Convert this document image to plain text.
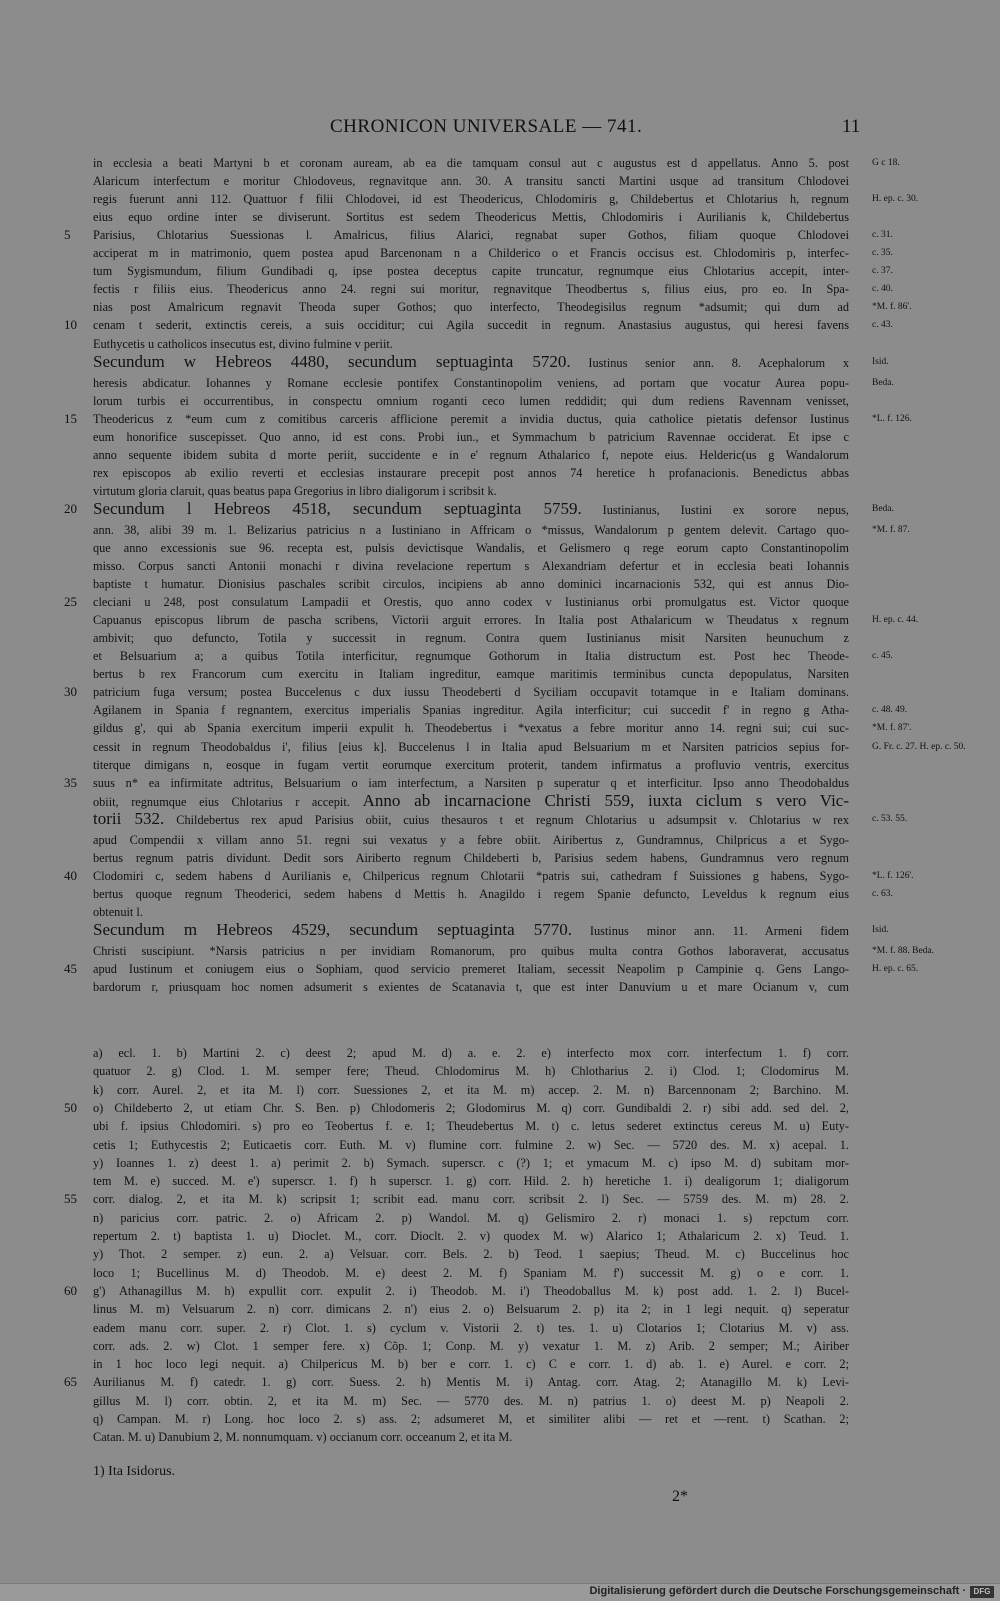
CHRONICON UNIVERSALE — 741.	11
in ecclesia a beati Martyni b et coronam auream, ab ea die tamquam consul aut c augustus est d appellatus. Anno 5. post G c 18.
Alaricum interfectum e moritur Chlodoveus, regnavitque ann. 30. A transitu sancti Martini usque ad transitum Chlodovei
regis fuerunt anni 112. Quattuor f filii Chlodovei, id est Theodericus, Chlodomiris g, Childebertus et Chlotarius h, regnum H. ep. c. 30.
eius equo ordine inter se diviserunt. Sortitus est sedem Theodericus Mettis, Chlodomiris i Aurilianis k, Childebertus
5	Parisius, Chlotarius Suessionas l. Amalricus, filius Alarici, regnabat super Gothos, filiam quoque Chlodovei c. 31.
acciperat m in matrimonio, quem postea apud Barcenonam n a Childerico o et Francis occisus est. Chlodomiris p, interfec- c. 35.
tum Sygismundum, filium Gundibadi q, ipse postea deceptus capite truncatur, regnumque eius Chlotarius accepit, inter- c. 37.
fectis r filiis eius. Theodericus anno 24. regni sui moritur, regnavitque Theodbertus s, filius eius, pro eo. In Spa- c. 40.
nias post Amalricum regnavit Theoda super Gothos; quo interfecto, Theodegisilus regnum *adsumit; qui dum ad *M. f. 86'.
10	cenam t sederit, extinctis cereis, a suis occiditur; cui Agila succedit in regnum. Anastasius augustus, qui heresi favens c. 43.
Euthycetis u catholicos insecutus est, divino fulmine v periit.
Secundum w Hebreos 4480, secundum septuaginta 5720. Iustinus senior ann. 8. Acephalorum x Isid.
heresis abdicatur. Iohannes y Romane ecclesie pontifex Constantinopolim veniens, ad portam que vocatur Aurea popu- Beda.
lorum turbis ei occurrentibus, in conspectu omnium roganti ceco lumen reddidit; qui dum rediens Ravennam venisset,
15	Theodericus z *eum cum z comitibus carceris afflicione peremit a invidia ductus, quia catholice pietatis defensor Iustinus *L. f. 126.
eum honorifice suscepisset. Quo anno, id est cons. Probi iun., et Symmachum b patricium Ravennae occiderat. Et ipse c
anno sequente ibidem subita d morte periit, succidente e in e' regnum Athalarico f, nepote eius. Helderic(us g Wandalorum
rex episcopos ab exilio reverti et ecclesias instaurare precepit post annos 74 heretice h profanacionis. Benedictus abbas
virtutum gloria claruit, quas beatus papa Gregorius in libro dialigorum i scribsit k.
20 Secundum l Hebreos 4518, secundum septuaginta 5759. Iustinianus, Iustini ex sorore nepus, Beda.
ann. 38, alibi 39 m. 1. Belizarius patricius n a Iustiniano in Affricam o *missus, Wandalorum p gentem delevit. Cartago quo- *M. f. 87.
que anno excessionis sue 96. recepta est, pulsis devictisque Wandalis, et Gelismero q rege eorum capto Constantinopolim
misso. Corpus sancti Antonii monachi r divina revelacione repertum s Alexandriam defertur et in ecclesia beati Iohannis
baptiste t humatur. Dionisius paschales scribit circulos, incipiens ab anno dominici incarnacionis 532, qui est annus Dio-
25	cleciani u 248, post consulatum Lampadii et Orestis, quo anno codex v Iustinianus orbi promulgatus est. Victor quoque
Capuanus episcopus librum de pascha scribens, Victorii arguit errores. In Italia post Athalaricum w Theudatus x regnum H. ep. c. 44.
ambivit; quo defuncto, Totila y successit in regnum. Contra quem Iustinianus misit Narsiten heunuchum z
et Belsuarium a; a quibus Totila interficitur, regnumque Gothorum in Italia distructum est. Post hec Theode- c. 45.
bertus b rex Francorum cum exercitu in Italiam ingreditur, eamque maritimis terminibus cuncta depopulatus, Narsiten
30	patricium fuga versum; postea Buccelenus c dux iussu Theodeberti d Syciliam occupavit totamque in e Italiam dominans.
Agilanem in Spania f regnantem, exercitus imperialis Spanias ingreditur. Agila interficitur; cui succedit f' in regno g Atha- c. 48. 49.
gildus g', qui ab Spania exercitum imperii expulit h. Theodebertus i *vexatus a febre moritur anno 14. regni sui; cui suc- *M. f. 87'.
cessit in regnum Theodobaldus i', filius [eius k]. Buccelenus l in Italia apud Belsuarium m et Narsiten patricios sepius for- G. Fr. c. 27. H. ep. c. 50.
titerque dimigans n, eosque in fugam vertit eorumque exercitum proterit, tandem infirmatus a profluvio ventris, exercitus
35	suus n* ea infirmitate adtritus, Belsuarium o iam interfectum, a Narsiten p superatur q et interficitur. Ipso anno Theodobaldus
obiit, regnumque eius Chlotarius r accepit. Anno ab incarnacione Christi 559, iuxta ciclum s vero Vic-
torii 532. Childebertus rex apud Parisius obiit, cuius thesauros t et regnum Chlotarius u adsumpsit v. Chlotarius w rex c. 53. 55.
apud Compendii x villam anno 51. regni sui vexatus y a febre obiit. Airibertus z, Gundramnus, Chilpricus a et Sygo-
bertus regnum patris dividunt. Dedit sors Airiberto regnum Childeberti b, Parisius sedem habens, Gundramnus vero regnum
40	Clodomiri c, sedem habens d Aurilianis e, Chilpericus regnum Chlotarii *patris sui, cathedram f Suissiones g habens, Sygo- *L. f. 126'.
bertus quoque regnum Theoderici, sedem habens d Mettis h. Anagildo i regem Spanie defuncto, Leveldus k regnum eius c. 63.
obtenuit l.
Secundum m Hebreos 4529, secundum septuaginta 5770. Iustinus minor ann. 11. Armeni fidem Isid.
Christi suscipiunt. *Narsis patricius n per invidiam Romanorum, pro quibus multa contra Gothos laboraverat, accusatus *M. f. 88. Beda.
45	apud Iustinum et coniugem eius o Sophiam, quod servicio premeret Italiam, secessit Neapolim p Campinie q. Gens Lango- H. ep. c. 65.
bardorum r, priusquam hoc nomen adsumerit s exientes de Scatanavia t, que est inter Danuvium u et mare Ocianum v, cum
a) ecl. 1. b) Martini 2. c) deest 2; apud M. d) a. e. 2. e) interfecto mox corr. interfectum 1. f) corr.
quatuor 2. g) Clod. 1. M. semper fere; Theud. Chlodomirus M. h) Chlotharius 2. i) Clod. 1; Clodomirus M.
k) corr. Aurel. 2, et ita M. l) corr. Suessiones 2, et ita M. m) accep. 2. M. n) Barcennonam 2; Barchino. M.
50	o) Childeberto 2, ut etiam Chr. S. Ben. p) Chlodomeris 2; Glodomirus M. q) corr. Gundibaldi 2. r) sibi add. sed del. 2,
ubi f. ipsius Chlodomiri. s) pro eo Teobertus f. e. 1; Theudebertus M. t) c. letus sederet extinctus cereus M. u) Euty-
cetis 1; Euthycestis 2; Euticaetis corr. Euth. M. v) flumine corr. fulmine 2. w) Sec. — 5720 des. M. x) acepal. 1.
y) Ioannes 1. z) deest 1. a) perimit 2. b) Symach. superscr. c (?) 1; et ymacum M. c) ipso M. d) subitam mor-
tem M. e) succed. M. e') superscr. 1. f) h superscr. 1. g) corr. Hild. 2. h) heretiche 1. i) dealigorum 1; dialigorum
55	corr. dialog. 2, et ita M. k) scripsit 1; scribit ead. manu corr. scribsit 2. l) Sec. — 5759 des. M. m) 28. 2.
n) paricius corr. patric. 2. o) Africam 2. p) Wandol. M. q) Gelismiro 2. r) monaci 1. s) repctum corr.
repertum 2. t) baptista 1. u) Dioclet. M., corr. Dioclt. 2. v) quodex M. w) Alarico 1; Athalaricum 2. x) Teud. 1.
y) Thot. 2 semper. z) eun. 2. a) Velsuar. corr. Bels. 2. b) Teod. 1 saepius; Theud. M. c) Buccelinus hoc
loco 1; Bucellinus M. d) Theodob. M. e) deest 2. M. f) Spaniam M. f') successit M. g) o e corr. 1.
60	g') Athanagillus M. h) expullit corr. expulit 2. i) Theodob. M. i') Theodoballus M. k) post add. 1. 2. l) Bucel-
linus M. m) Velsuarum 2. n) corr. dimicans 2. n') eius 2. o) Belsuarum 2. p) ita 2; in 1 legi nequit. q) seperatur
eadem manu corr. super. 2. r) Clot. 1. s) cyclum v. Vistorii 2. t) tes. 1. u) Clotarios 1; Clotarius M. v) ass.
corr. ads. 2. w) Clot. 1 semper fere. x) Cõp. 1; Conp. M. y) vexatur 1. M. z) Arib. 2 semper; M.; Airiber
in 1 hoc loco legi nequit. a) Chilpericus M. b) ber e corr. 1. c) C e corr. 1. d) ab. 1. e) Aurel. e corr. 2;
65	Aurilianus M. f) catedr. 1. g) corr. Suess. 2. h) Mentis M. i) Antag. corr. Atag. 2; Atanagillo M. k) Levi-
gillus M. l) corr. obtin. 2, et ita M. m) Sec. — 5770 des. M. n) patrius 1. o) deest M. p) Neapoli 2.
q) Campan. M. r) Long. hoc loco 2. s) ass. 2; adsumeret M, et similiter alibi — ret et —rent. t) Scathan. 2;
Catan. M. u) Danubium 2, M. nonnumquam. v) occianum corr. occeanum 2, et ita M.
1) Ita Isidorus.
2*
Digitalisierung gefördert durch die Deutsche Forschungsgemeinschaft · DFG
